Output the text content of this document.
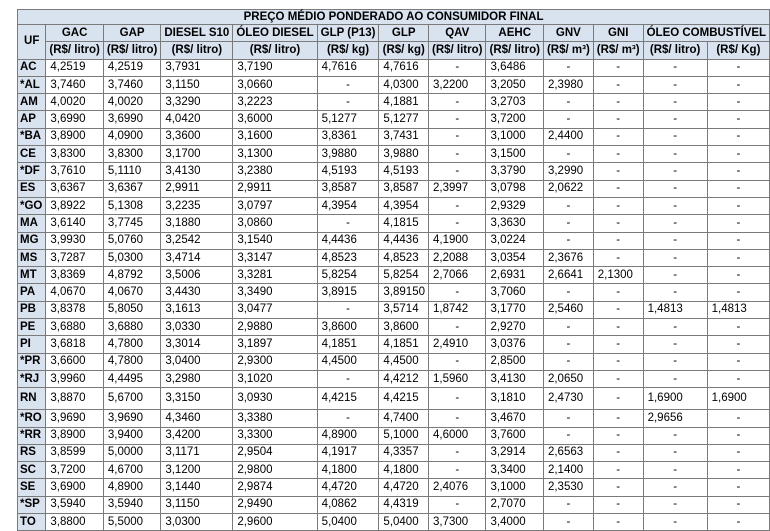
PREÇO MÉDIO PONDERADO AO CONSUMIDOR FINAL												
UF	GAC	GAP	DIESEL S10	ÓLEO DIESEL	GLP (P13)	GLP	QAV	AEHC	GNV	GNI	ÓLEO COMBUSTÍVEL	
	(R$/ litro)	(R$/ litro)	(R$/ litro)	(R$/ litro)	(R$/ kg)	(R$/ kg)	(R$/ litro)	(R$/ litro)	(R$/ m³)	(R$/ m³)	(R$/ litro)	(R$/ Kg)
AC	4,2519	4,2519	3,7931	3,7190	4,7616	4,7616	-	3,6486	-	-	-	-
*AL	3,7460	3,7460	3,1150	3,0660	-	4,0300	3,2200	3,2050	2,3980	-	-	-
AM	4,0020	4,0020	3,3290	3,2223	-	4,1881	-	3,2703	-	-	-	-
AP	3,6990	3,6990	4,0420	3,6000	5,1277	5,1277	-	3,7200	-	-	-	-
*BA	3,8900	4,0900	3,3600	3,1600	3,8361	3,7431	-	3,1000	2,4400	-	-	-
CE	3,8300	3,8300	3,1700	3,1300	3,9880	3,9880	-	3,1500	-	-	-	-
*DF	3,7610	5,1110	3,4130	3,2380	4,5193	4,5193	-	3,3790	3,2990	-	-	-
ES	3,6367	3,6367	2,9911	2,9911	3,8587	3,8587	2,3997	3,0798	2,0622	-	-	-
*GO	3,8922	5,1308	3,2235	3,0797	4,3954	4,3954	-	2,9329	-	-	-	-
MA	3,6140	3,7745	3,1880	3,0860	-	4,1815	-	3,3630	-	-	-	-
MG	3,9930	5,0760	3,2542	3,1540	4,4436	4,4436	4,1900	3,0224	-	-	-	-
MS	3,7287	5,0300	3,4714	3,3147	4,8523	4,8523	2,2088	3,0354	2,3676	-	-	-
MT	3,8369	4,8792	3,5006	3,3281	5,8254	5,8254	2,7066	2,6931	2,6641	2,1300	-	-
PA	4,0670	4,0670	3,4430	3,3490	3,8915	3,89150	-	3,7060	-	-	-	-
PB	3,8378	5,8050	3,1613	3,0477	-	3,5714	1,8742	3,1770	2,5460	-	1,4813	1,4813
PE	3,6880	3,6880	3,0330	2,9880	3,8600	3,8600	-	2,9270	-	-	-	-
PI	3,6818	4,7800	3,3014	3,1897	4,1851	4,1851	2,4910	3,0376	-	-	-	-
*PR	3,6600	4,7800	3,0400	2,9300	4,4500	4,4500	-	2,8500	-	-	-	-
*RJ	3,9960	4,4495	3,2980	3,1020	-	4,4212	1,5960	3,4130	2,0650	-	-	-
RN	3,8870	5,6700	3,3150	3,0930	4,4215	4,4215	-	3,1810	2,4730	-	1,6900	1,6900
*RO	3,9690	3,9690	4,3460	3,3380	-	4,7400	-	3,4670	-	-	2,9656	-
*RR	3,8900	3,9400	3,4200	3,3300	4,8900	5,1000	4,6000	3,7600	-	-	-	-
RS	3,8599	5,0000	3,1171	2,9504	4,1917	4,3357	-	3,2914	2,6563	-	-	-
SC	3,7200	4,6700	3,1200	2,9800	4,1800	4,1800	-	3,3400	2,1400	-	-	-
SE	3,6900	4,8900	3,1440	2,9874	4,4720	4,4720	2,4076	3,1000	2,3530	-	-	-
*SP	3,5940	3,5940	3,1150	2,9490	4,0862	4,4319	-	2,7070	-	-	-	-
TO	3,8800	5,5000	3,0300	2,9600	5,0400	5,0400	3,7300	3,4000	-	-	-	-
